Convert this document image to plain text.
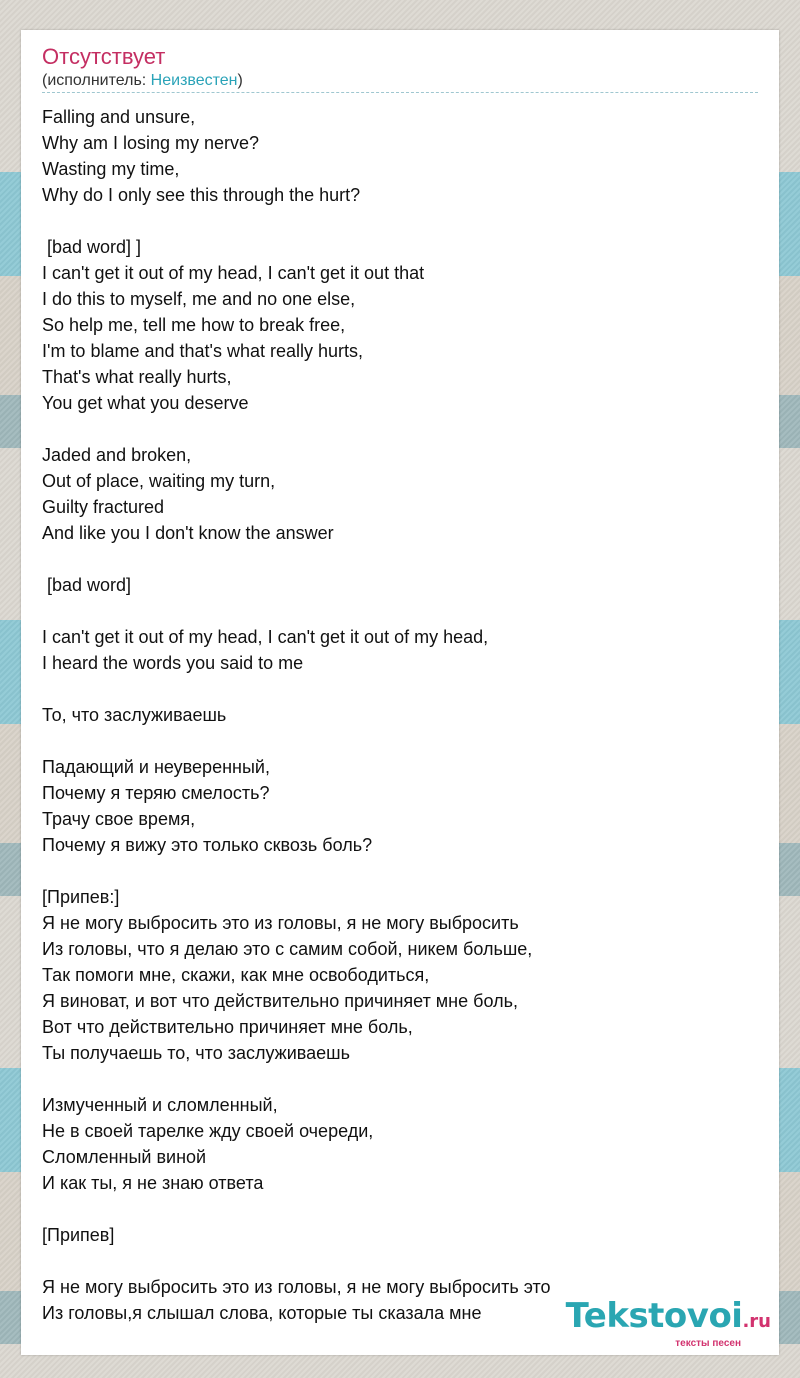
Отсутствует
(исполнитель: Неизвестен)
Falling and unsure,
Why am I losing my nerve?
Wasting my time,
Why do I only see this through the hurt?
[bad word] ]
I can't get it out of my head, I can't get it out that
I do this to myself, me and no one else,
So help me, tell me how to break free,
I'm to blame and that's what really hurts,
That's what really hurts,
You get what you deserve
Jaded and broken,
Out of place, waiting my turn,
Guilty fractured
And like you I don't know the answer
[bad word]
I can't get it out of my head, I can't get it out of my head,
I heard the words you said to me
То, что заслуживаешь
Падающий и неуверенный,
Почему я теряю смелость?
Трачу свое время,
Почему я вижу это только сквозь боль?
[Припев:]
Я не могу выбросить это из головы, я не могу выбросить
Из головы, что я делаю это с самим собой, никем больше,
Так помоги мне, скажи, как мне освободиться,
Я виноват, и вот что действительно причиняет мне боль,
Вот что действительно причиняет мне боль,
Ты получаешь то, что заслуживаешь
Измученный и сломленный,
Не в своей тарелке жду своей очереди,
Сломленный виной
И как ты, я не знаю ответа
[Припев]
Я не могу выбросить это из головы, я не могу выбросить это
Из головы,я слышал слова, которые ты сказала мне	Tekstovoi.ru
тексты песен
